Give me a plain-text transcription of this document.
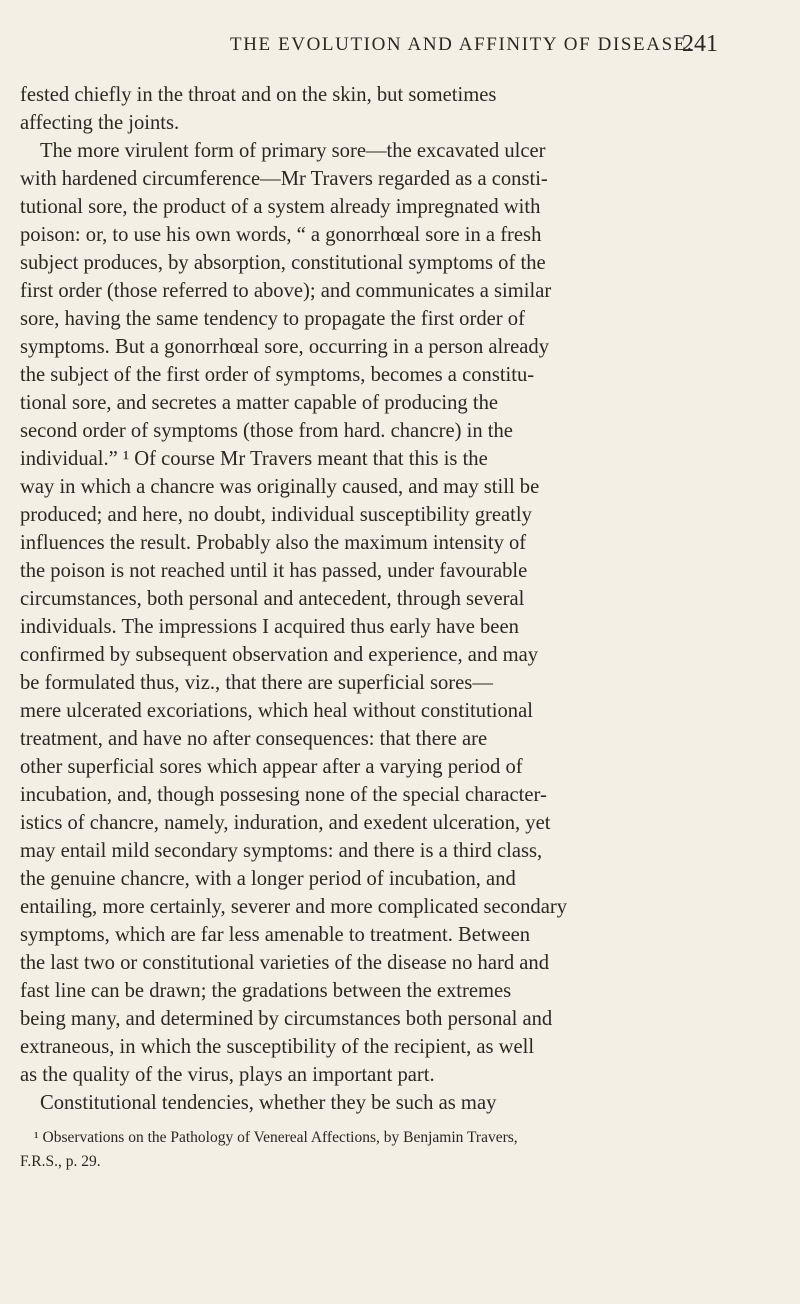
THE EVOLUTION AND AFFINITY OF DISEASE.
241
fested chiefly in the throat and on the skin, but sometimes
affecting the joints.
The more virulent form of primary sore—the excavated ulcer
with hardened circumference—Mr Travers regarded as a consti-
tutional sore, the product of a system already impregnated with
poison: or, to use his own words, “ a gonorrhœal sore in a fresh
subject produces, by absorption, constitutional symptoms of the
first order (those referred to above); and communicates a similar
sore, having the same tendency to propagate the first order of
symptoms. But a gonorrhœal sore, occurring in a person already
the subject of the first order of symptoms, becomes a constitu-
tional sore, and secretes a matter capable of producing the
second order of symptoms (those from hard. chancre) in the
individual.” ¹ Of course Mr Travers meant that this is the
way in which a chancre was originally caused, and may still be
produced; and here, no doubt, individual susceptibility greatly
influences the result. Probably also the maximum intensity of
the poison is not reached until it has passed, under favourable
circumstances, both personal and antecedent, through several
individuals. The impressions I acquired thus early have been
confirmed by subsequent observation and experience, and may
be formulated thus, viz., that there are superficial sores—
mere ulcerated excoriations, which heal without constitutional
treatment, and have no after consequences: that there are
other superficial sores which appear after a varying period of
incubation, and, though possesing none of the special character-
istics of chancre, namely, induration, and exedent ulceration, yet
may entail mild secondary symptoms: and there is a third class,
the genuine chancre, with a longer period of incubation, and
entailing, more certainly, severer and more complicated secondary
symptoms, which are far less amenable to treatment. Between
the last two or constitutional varieties of the disease no hard and
fast line can be drawn; the gradations between the extremes
being many, and determined by circumstances both personal and
extraneous, in which the susceptibility of the recipient, as well
as the quality of the virus, plays an important part.
Constitutional tendencies, whether they be such as may
¹ Observations on the Pathology of Venereal Affections, by Benjamin Travers,
F.R.S., p. 29.
